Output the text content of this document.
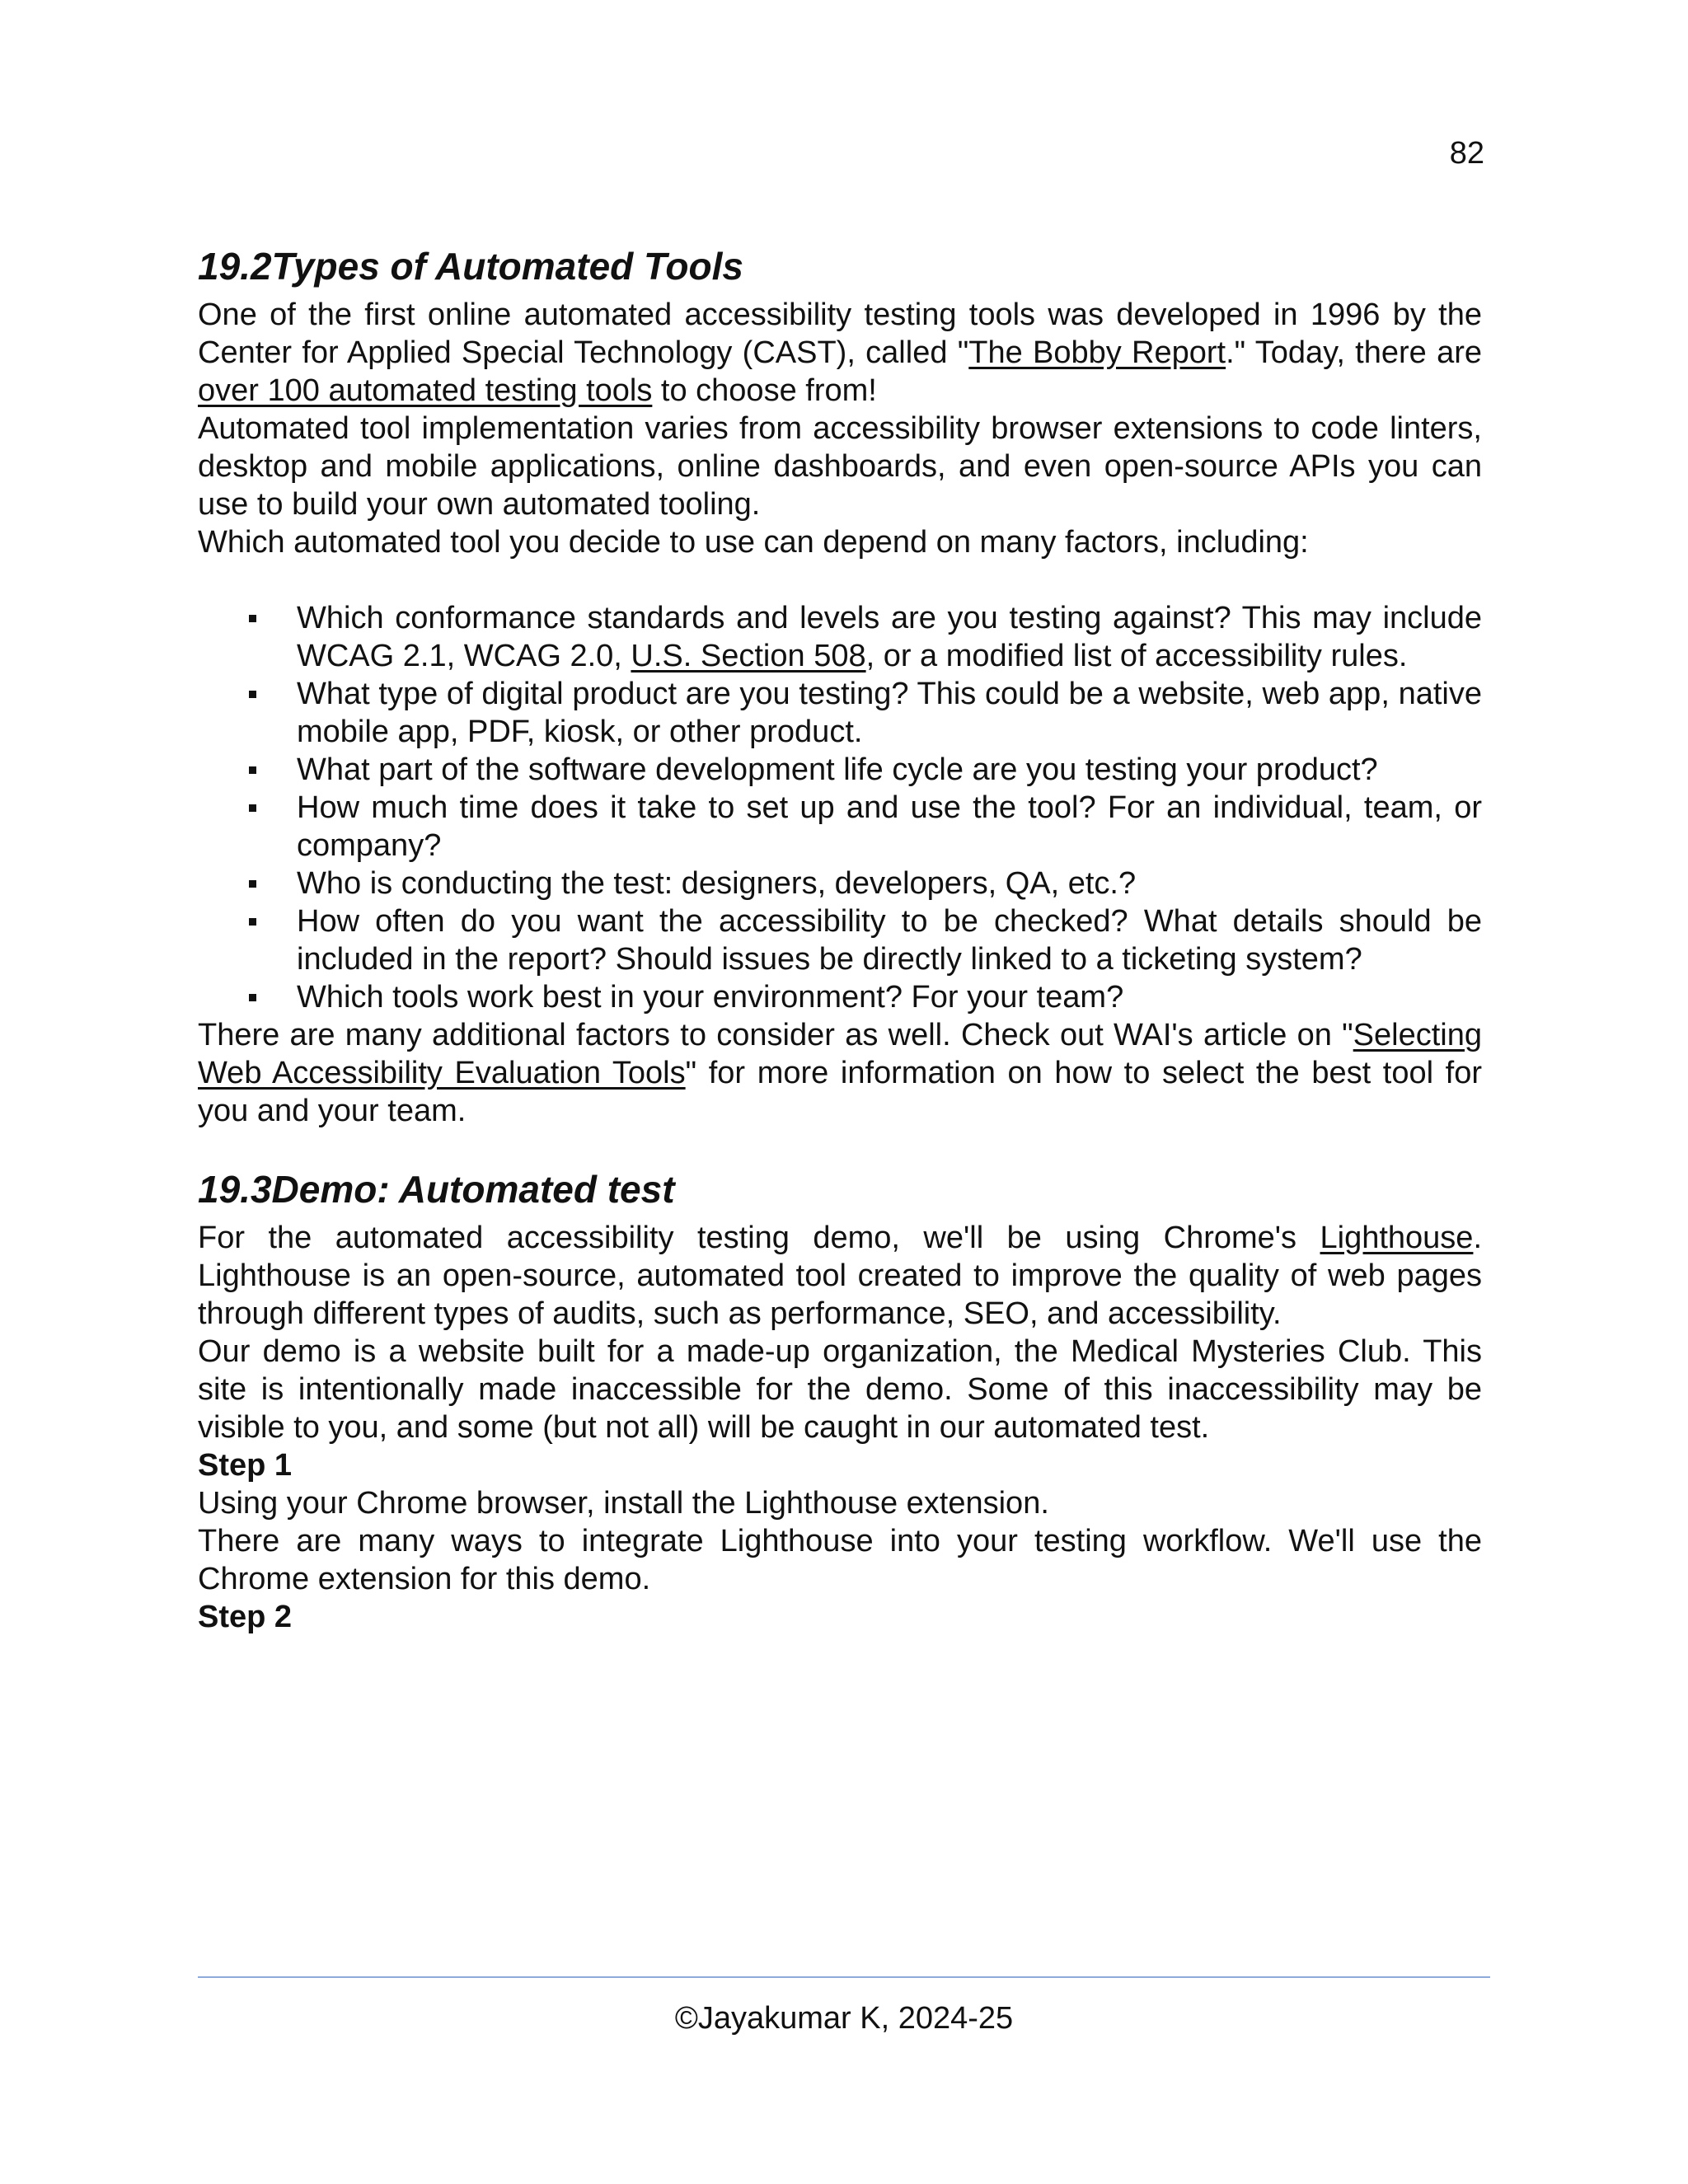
82
19.2Types of Automated Tools

One of the first online automated accessibility testing tools was developed in 1996 by the Center for Applied Special Technology (CAST), called "The Bobby Report." Today, there are over 100 automated testing tools to choose from!

Automated tool implementation varies from accessibility browser extensions to code linters, desktop and mobile applications, online dashboards, and even open-source APIs you can use to build your own automated tooling.

Which automated tool you decide to use can depend on many factors, including:

Which conformance standards and levels are you testing against? This may include WCAG 2.1, WCAG 2.0, U.S. Section 508, or a modified list of accessibility rules.
What type of digital product are you testing? This could be a website, web app, native mobile app, PDF, kiosk, or other product.
What part of the software development life cycle are you testing your product?
How much time does it take to set up and use the tool? For an individual, team, or company?
Who is conducting the test: designers, developers, QA, etc.?
How often do you want the accessibility to be checked? What details should be included in the report? Should issues be directly linked to a ticketing system?
Which tools work best in your environment? For your team?

There are many additional factors to consider as well. Check out WAI's article on "Selecting Web Accessibility Evaluation Tools" for more information on how to select the best tool for you and your team.

19.3Demo: Automated test

For the automated accessibility testing demo, we'll be using Chrome's Lighthouse. Lighthouse is an open-source, automated tool created to improve the quality of web pages through different types of audits, such as performance, SEO, and accessibility.

Our demo is a website built for a made-up organization, the Medical Mysteries Club. This site is intentionally made inaccessible for the demo. Some of this inaccessibility may be visible to you, and some (but not all) will be caught in our automated test.

Step 1

Using your Chrome browser, install the Lighthouse extension.

There are many ways to integrate Lighthouse into your testing workflow. We'll use the Chrome extension for this demo.

Step 2

©Jayakumar K, 2024-25
